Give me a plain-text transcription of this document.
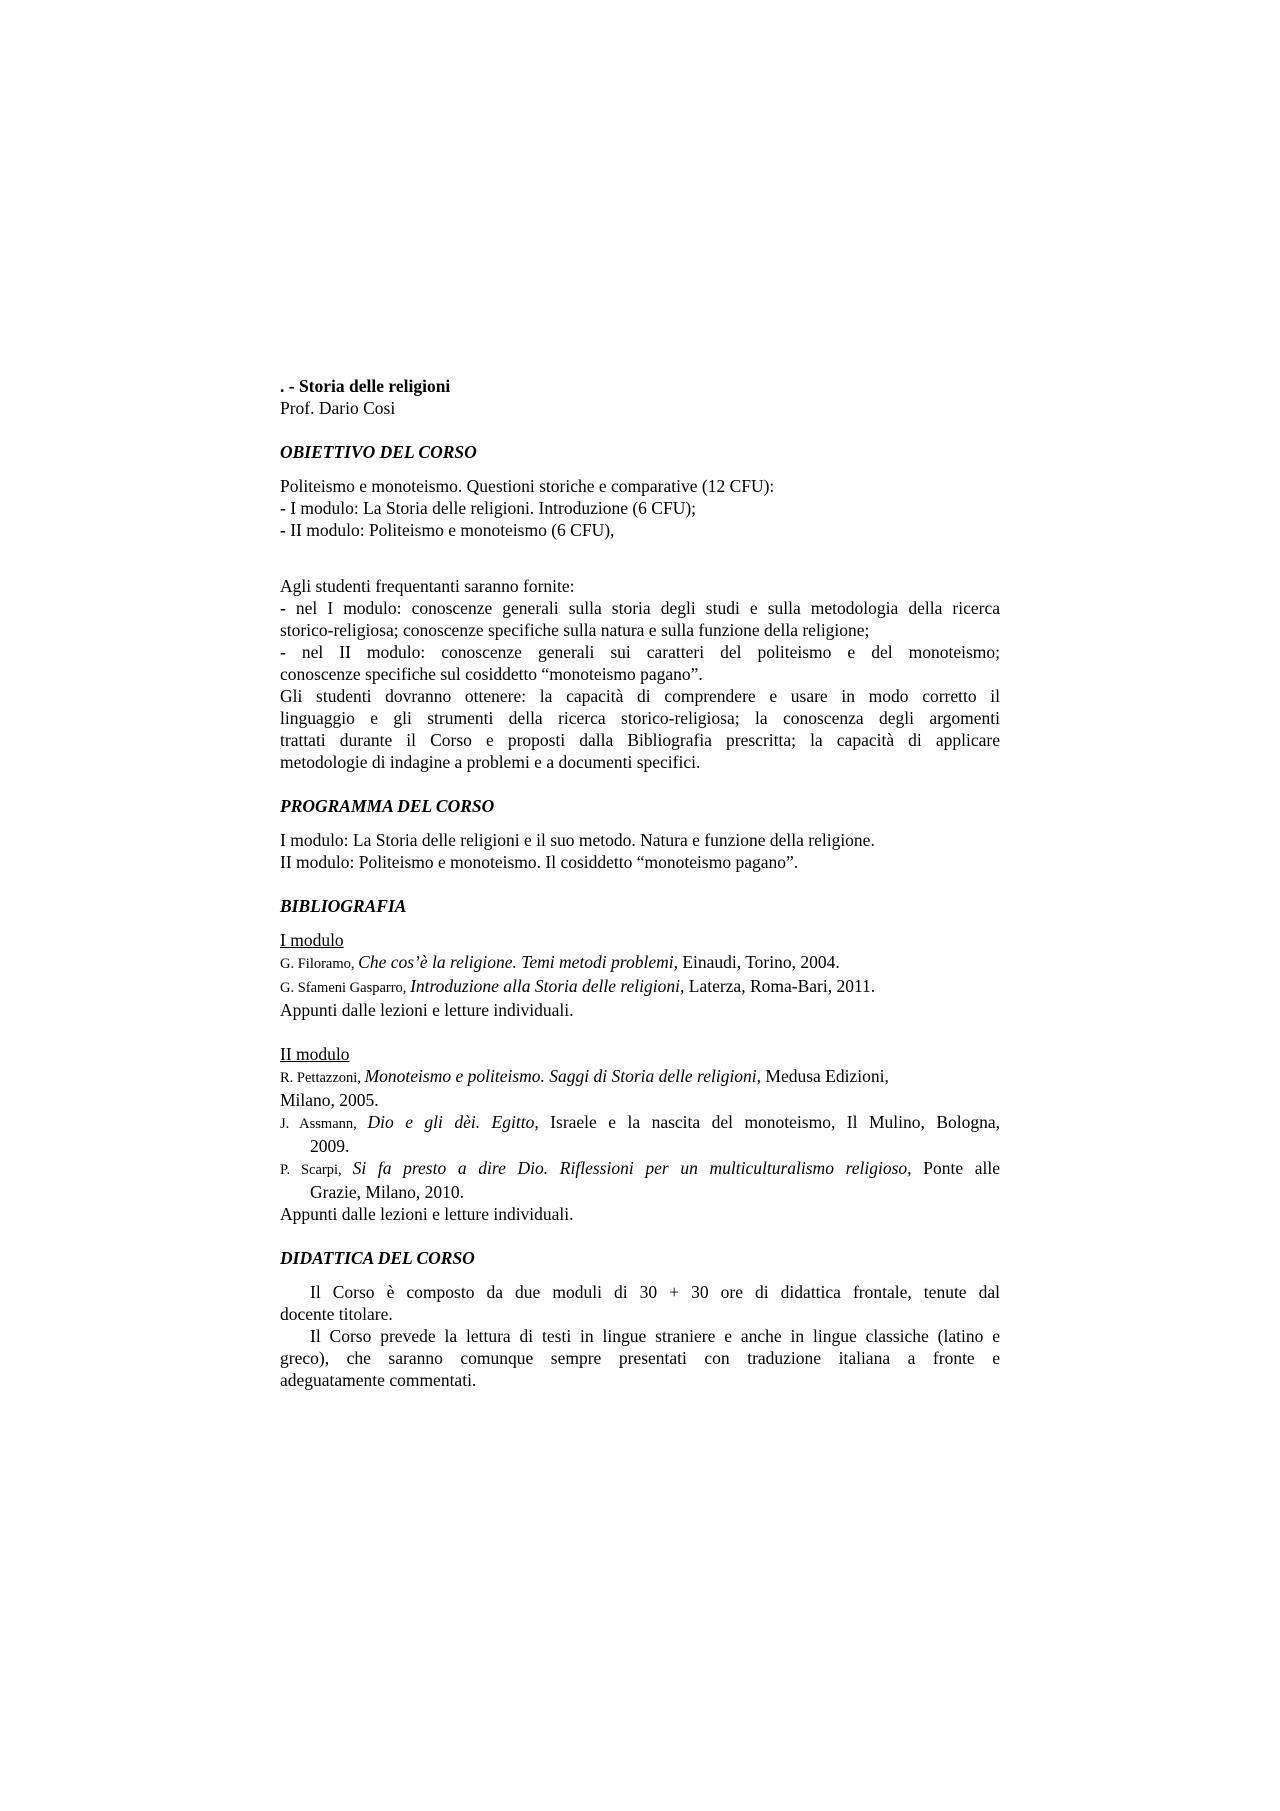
. - Storia delle religioni
Prof. Dario Cosi
OBIETTIVO DEL CORSO
Politeismo e monoteismo. Questioni storiche e comparative (12 CFU):
- I modulo: La Storia delle religioni. Introduzione (6 CFU);
- II modulo: Politeismo e monoteismo (6 CFU),
Agli studenti frequentanti saranno fornite:
- nel I modulo: conoscenze generali sulla storia degli studi e sulla metodologia della ricerca
storico-religiosa; conoscenze specifiche sulla natura e sulla funzione della religione;
- nel II modulo: conoscenze generali sui caratteri del politeismo e del monoteismo;
conoscenze specifiche sul cosiddetto “monoteismo pagano”.
Gli studenti dovranno ottenere: la capacità di comprendere e usare in modo corretto il
linguaggio e gli strumenti della ricerca storico-religiosa; la conoscenza degli argomenti
trattati durante il Corso e proposti dalla Bibliografia prescritta; la capacità di applicare
metodologie di indagine a problemi e a documenti specifici.
PROGRAMMA DEL CORSO
I modulo: La Storia delle religioni e il suo metodo. Natura e funzione della religione.
II modulo: Politeismo e monoteismo. Il cosiddetto “monoteismo pagano”.
BIBLIOGRAFIA
I modulo
G. Filoramo, Che cos’è la religione. Temi metodi problemi, Einaudi, Torino, 2004.
G. Sfameni Gasparro, Introduzione alla Storia delle religioni, Laterza, Roma-Bari, 2011.
Appunti dalle lezioni e letture individuali.
II modulo
R. Pettazzoni, Monoteismo e politeismo. Saggi di Storia delle religioni, Medusa Edizioni,
Milano, 2005.
J. Assmann, Dio e gli dèi. Egitto, Israele e la nascita del monoteismo, Il Mulino, Bologna,
2009.
P. Scarpi, Si fa presto a dire Dio. Riflessioni per un multiculturalismo religioso, Ponte alle
Grazie, Milano, 2010.
Appunti dalle lezioni e letture individuali.
DIDATTICA DEL CORSO
Il Corso è composto da due moduli di 30 + 30 ore di didattica frontale, tenute dal
docente titolare.
Il Corso prevede la lettura di testi in lingue straniere e anche in lingue classiche (latino e
greco), che saranno comunque sempre presentati con traduzione italiana a fronte e
adeguatamente commentati.
